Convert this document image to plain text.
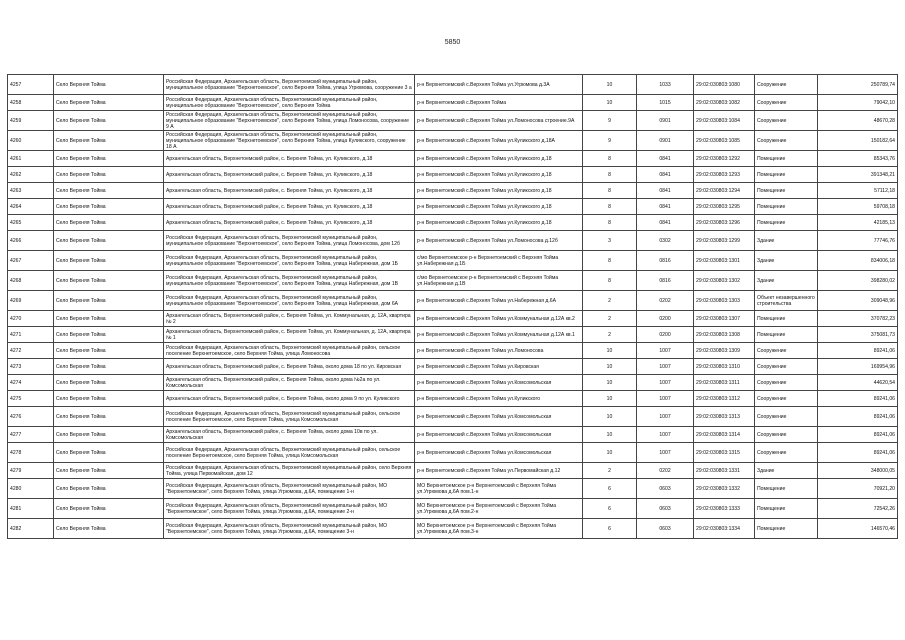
5850
4257	Село Верхняя Тойма	Российская Федерация, Архангельская область, Верхнетоемский муниципальный район, муниципальное образование "Верхнетоемское", село Верхняя Тойма, улица Угрюмова, сооружение 3 а	р-н Верхнетоемский с.Верхняя Тойма ул.Угрюмова д.3А	10	1033	29:02:030803:1080	Сооружение	250789,74
4258	Село Верхняя Тойма	Российская Федерация, Архангельская область, Верхнетоемский муниципальный район, муниципальное образование "Верхнетоемское", село Верхняя Тойма	р-н Верхнетоемский с.Верхняя Тойма	10	1015	29:02:030803:1082	Сооружение	79042,10
4259	Село Верхняя Тойма	Российская Федерация, Архангельская область, Верхнетоемский муниципальный район, муниципальное образование "Верхнетоемское", село Верхняя Тойма, улица Ломоносова, сооружение 9 А	р-н Верхнетоемский с.Верхняя Тойма ул.Ломоносова строение.9А	9	0901	29:02:030803:1084	Сооружение	48670,28
4260	Село Верхняя Тойма	Российская Федерация, Архангельская область, Верхнетоемский муниципальный район, муниципальное образование "Верхнетоемское", село Верхняя Тойма, улица Куликского, сооружение 18 А	р-н Верхнетоемский с.Верхняя Тойма ул.Куликского д.18А	9	0901	29:02:030803:1085	Сооружение	150182,64
4261	Село Верхняя Тойма	Архангельская область, Верхнетоемский район, с. Верхняя Тойма, ул. Куликского, д.18	р-н Верхнетоемский с.Верхняя Тойма ул.Куликского д.18	8	0841	29:02:030803:1292	Помещение	85343,76
4262	Село Верхняя Тойма	Архангельская область, Верхнетоемский район, с. Верхняя Тойма, ул. Куликского, д.18	р-н Верхнетоемский с.Верхняя Тойма ул.Куликского д.18	8	0841	29:02:030803:1293	Помещение	391348,21
4263	Село Верхняя Тойма	Архангельская область, Верхнетоемский район, с. Верхняя Тойма, ул. Куликского, д.18	р-н Верхнетоемский с.Верхняя Тойма ул.Куликского д.18	8	0841	29:02:030803:1294	Помещение	57112,18
4264	Село Верхняя Тойма	Архангельская область, Верхнетоемский район, с. Верхняя Тойма, ул. Куликского, д.18	р-н Верхнетоемский с.Верхняя Тойма ул.Куликского д.18	8	0841	29:02:030803:1295	Помещение	59708,18
4265	Село Верхняя Тойма	Архангельская область, Верхнетоемский район, с. Верхняя Тойма, ул. Куликского, д.18	р-н Верхнетоемский с.Верхняя Тойма ул.Куликского д.18	8	0841	29:02:030803:1296	Помещение	42185,13
4266	Село Верхняя Тойма	Российская Федерация, Архангельская область, Верхнетоемский муниципальный район, муниципальное образование "Верхнетоемское", село Верхняя Тойма, улица Ломоносова, дом 12б	р-н Верхнетоемский с.Верхняя Тойма ул.Ломоносова д.12б	3	0302	29:02:030803:1299	Здание	77746,76
4267	Село Верхняя Тойма	Российская Федерация, Архангельская область, Верхнетоемский муниципальный район, муниципальное образование "Верхнетоемское", село Верхняя Тойма, улица Набережная, дом 1Б	с/мо Верхнетоемское р-н Верхнетоемский с Верхняя Тойма ул.Набережная д.1Б	8	0816	29:02:030803:1301	Здание	834006,18
4268	Село Верхняя Тойма	Российская Федерация, Архангельская область, Верхнетоемский муниципальный район, муниципальное образование "Верхнетоемское", село Верхняя Тойма, улица Набережная, дом 1В	с/мо Верхнетоемское р-н Верхнетоемский с Верхняя Тойма ул.Набережная д.1В	8	0816	29:02:030803:1302	Здание	398280,02
4269	Село Верхняя Тойма	Российская Федерация, Архангельская область, Верхнетоемский муниципальный район, муниципальное образование "Верхнетоемское", село Верхняя Тойма, улица Набережная, дом 6А	р-н Верхнетоемский с.Верхняя Тойма ул.Набережная д.6А	2	0202	29:02:030803:1303	Объект незавершенного строительства	309048,96
4270	Село Верхняя Тойма	Архангельская область, Верхнетоемский район, с. Верхняя Тойма, ул. Коммунальная, д. 12А, квартира № 2	р-н Верхнетоемский с.Верхняя Тойма ул.Коммунальная д.12А кв.2	2	0200	29:02:030803:1307	Помещение	370782,23
4271	Село Верхняя Тойма	Архангельская область, Верхнетоемский район, с. Верхняя Тойма, ул. Коммунальная, д. 12А, квартира № 1	р-н Верхнетоемский с.Верхняя Тойма ул.Коммунальная д.12А кв.1	2	0200	29:02:030803:1308	Помещение	375081,73
4272	Село Верхняя Тойма	Российская Федерация, Архангельская область, Верхнетоемский муниципальный район, сельское поселение Верхнетоемское, село Верхняя Тойма, улица Ломоносова	р-н Верхнетоемский с.Верхняя Тойма ул.Ломоносова	10	1007	29:02:030803:1309	Сооружение	89241,06
4273	Село Верхняя Тойма	Архангельская область, Верхнетоемский район, с. Верхняя Тойма, около дома 18 по ул. Кировская	р-н Верхнетоемский с.Верхняя Тойма ул.Кировская	10	1007	29:02:030803:1310	Сооружение	169954,96
4274	Село Верхняя Тойма	Архангельская область, Верхнетоемский район, с. Верхняя Тойма, около дома №2а по ул. Комсомольская	р-н Верхнетоемский с.Верхняя Тойма ул.Комсомольская	10	1007	29:02:030803:1311	Сооружение	44620,54
4275	Село Верхняя Тойма	Архангельская область, Верхнетоемский район, с. Верхняя Тойма, около дома 9 по ул. Куликского	р-н Верхнетоемский с.Верхняя Тойма ул.Куликского	10	1007	29:02:030803:1312	Сооружение	89241,06
4276	Село Верхняя Тойма	Российская Федерация, Архангельская область, Верхнетоемский муниципальный район, сельское поселение Верхнетоемское, село Верхняя Тойма, улица Комсомольская	р-н Верхнетоемский с.Верхняя Тойма ул.Комсомольская	10	1007	29:02:030803:1313	Сооружение	89241,06
4277	Село Верхняя Тойма	Архангельская область, Верхнетоемский район, с. Верхняя Тойма, около дома 10в по ул. Комсомольская	р-н Верхнетоемский с.Верхняя Тойма ул.Комсомольская	10	1007	29:02:030803:1314	Сооружение	89241,06
4278	Село Верхняя Тойма	Российская Федерация, Архангельская область, Верхнетоемский муниципальный район, сельское поселение Верхнетоемское, село Верхняя Тойма, улица Комсомольская	р-н Верхнетоемский с.Верхняя Тойма ул.Комсомольская	10	1007	29:02:030803:1315	Сооружение	89241,06
4279	Село Верхняя Тойма	Российская Федерация, Архангельская область, Верхнетоемский муниципальный район, село Верхняя Тойма, улица Первомайская, дом 12	р-н Верхнетоемский с.Верхняя Тойма ул.Первомайская д.12	2	0202	29:02:030803:1331	Здание	348000,05
4280	Село Верхняя Тойма	Российская Федерация, Архангельская область, Верхнетоемский муниципальный район, МО "Верхнетоемское", село Верхняя Тойма, улица Угрюмова, д.6А, помещение 1-н	МО Верхнетоемское р-н Верхнетоемский с Верхняя Тойма ул.Угрюмова д.6А пом.1-н	6	0603	29:02:030803:1332	Помещение	70921,20
4281	Село Верхняя Тойма	Российская Федерация, Архангельская область, Верхнетоемский муниципальный район, МО "Верхнетоемское", село Верхняя Тойма, улица Угрюмова, д.6А, помещение 2-н	МО Верхнетоемское р-н Верхнетоемский с Верхняя Тойма ул.Угрюмова д.6А пом.2-н	6	0603	29:02:030803:1333	Помещение	72542,26
4282	Село Верхняя Тойма	Российская Федерация, Архангельская область, Верхнетоемский муниципальный район, МО "Верхнетоемское", село Верхняя Тойма, улица Угрюмова, д.6А, помещение 3-н	МО Верхнетоемское р-н Верхнетоемский с Верхняя Тойма ул.Угрюмова д.6А пом.3-н	6	0603	29:02:030803:1334	Помещение	146570,46
